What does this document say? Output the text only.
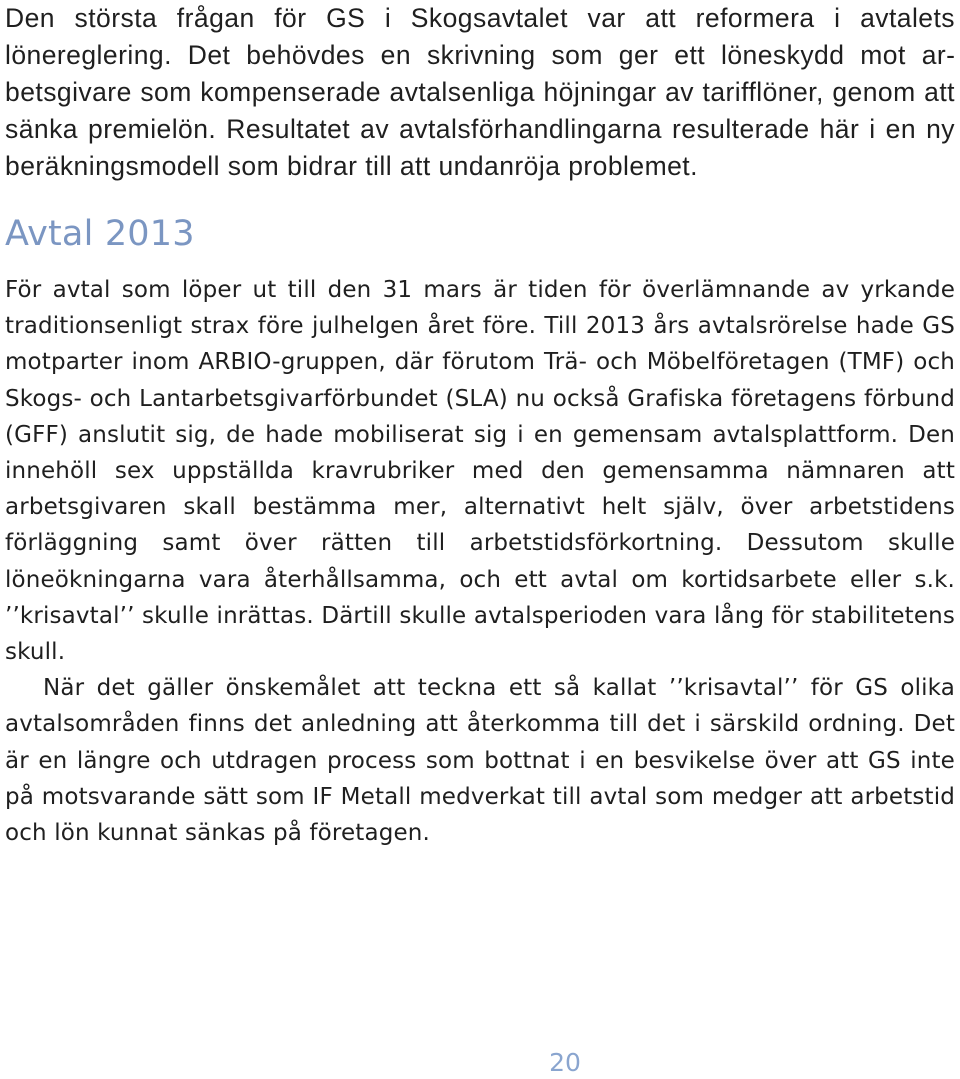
Den största frågan för GS i Skogsavtalet var att reformera i avtalets lönereglering. Det behövdes en skrivning som ger ett löneskydd mot arbetsgivare som kompenserade avtalsenliga höjningar av tarifflöner, genom att sänka premielön. Resultatet av avtalsförhandlingarna resulterade här i en ny beräkningsmodell som bidrar till att undanröja problemet.

Avtal 2013

För avtal som löper ut till den 31 mars är tiden för överlämnande av yrkande traditionsenligt strax före julhelgen året före. Till 2013 års avtalsrörelse hade GS motparter inom ARBIO-gruppen, där förutom Trä- och Möbelföretagen (TMF) och Skogs- och Lantarbetsgivarförbundet (SLA) nu också Grafiska företagens förbund (GFF) anslutit sig, de hade mobiliserat sig i en gemensam avtalsplattform. Den innehöll sex uppställda kravrubriker med den gemensamma nämnaren att arbetsgivaren skall bestämma mer, alternativt helt själv, över arbetstidens förläggning samt över rätten till arbetstidsförkortning. Dessutom skulle löneökningarna vara återhållsamma, och ett avtal om kortidsarbete eller s.k. ’’krisavtal’’ skulle inrättas. Därtill skulle avtalsperioden vara lång för stabilitetens skull.

När det gäller önskemålet att teckna ett så kallat ’’krisavtal’’ för GS olika avtalsområden finns det anledning att återkomma till det i särskild ordning. Det är en längre och utdragen process som bottnat i en besvikelse över att GS inte på motsvarande sätt som IF Metall medverkat till avtal som medger att arbetstid och lön kunnat sänkas på företagen.

20
